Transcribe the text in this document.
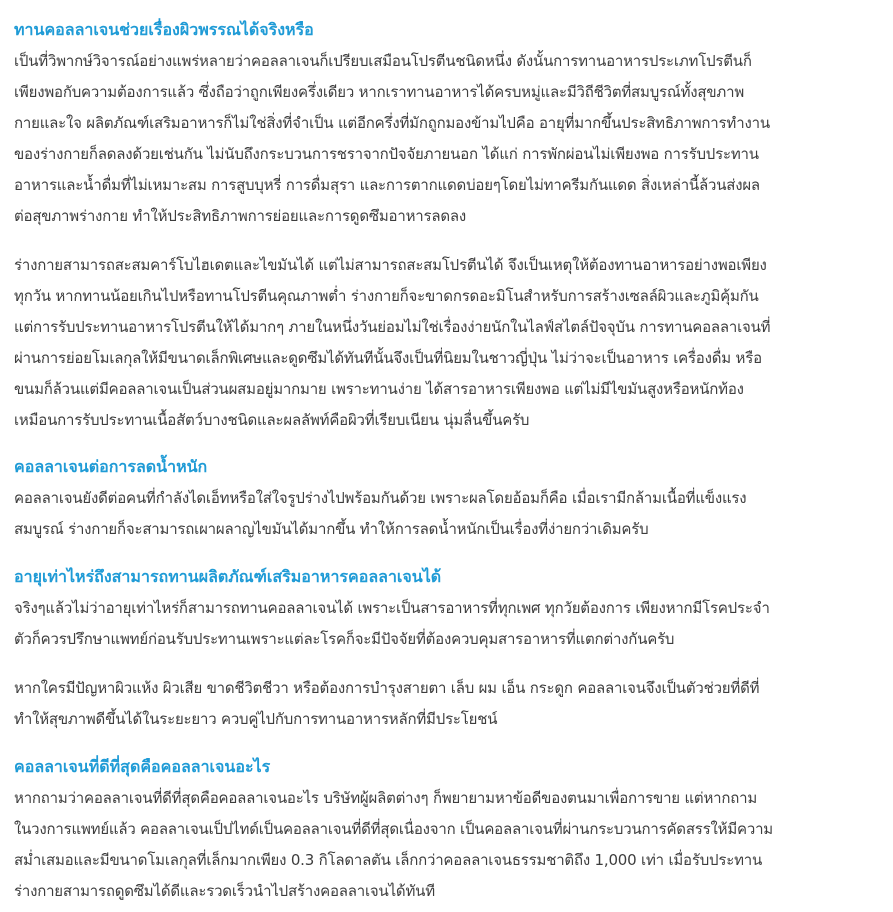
ทานคอลลาเจนช่วยเรื่องผิวพรรณได้จริงหรือ

เป็นที่วิพากษ์วิจารณ์อย่างแพร่หลายว่าคอลลาเจนก็เปรียบเสมือนโปรตีนชนิดหนึ่ง ดังนั้นการทานอาหารประเภทโปรตีนก็
เพียงพอกับความต้องการแล้ว ซึ่งถือว่าถูกเพียงครึ่งเดียว หากเราทานอาหารได้ครบหมู่และมีวิถีชีวิตที่สมบูรณ์ทั้งสุขภาพ
กายและใจ ผลิตภัณฑ์เสริมอาหารก็ไม่ใช่สิ่งที่จำเป็น แต่อีกครึ่งที่มักถูกมองข้ามไปคือ อายุที่มากขึ้นประสิทธิภาพการทำงาน
ของร่างกายก็ลดลงด้วยเช่นกัน ไม่นับถึงกระบวนการชราจากปัจจัยภายนอก ได้แก่ การพักผ่อนไม่เพียงพอ การรับประทาน
อาหารและน้ำดื่มที่ไม่เหมาะสม การสูบบุหรี่ การดื่มสุรา และการตากแดดบ่อยๆโดยไม่ทาครีมกันแดด สิ่งเหล่านี้ล้วนส่งผล
ต่อสุขภาพร่างกาย ทำให้ประสิทธิภาพการย่อยและการดูดซึมอาหารลดลง

ร่างกายสามารถสะสมคาร์โบไฮเดตและไขมันได้ แต่ไม่สามารถสะสมโปรตีนได้ จึงเป็นเหตุให้ต้องทานอาหารอย่างพอเพียง
ทุกวัน หากทานน้อยเกินไปหรือทานโปรตีนคุณภาพต่ำ ร่างกายก็จะขาดกรดอะมิโนสำหรับการสร้างเซลล์ผิวและภูมิคุ้มกัน
แต่การรับประทานอาหารโปรตีนให้ได้มากๆ ภายในหนึ่งวันย่อมไม่ใช่เรื่องง่ายนักในไลฟ์สไตล์ปัจจุบัน การทานคอลลาเจนที่
ผ่านการย่อยโมเลกุลให้มีขนาดเล็กพิเศษและดูดซึมได้ทันทีนั้นจึงเป็นที่นิยมในชาวญี่ปุ่น ไม่ว่าจะเป็นอาหาร เครื่องดื่ม หรือ
ขนมก็ล้วนแต่มีคอลลาเจนเป็นส่วนผสมอยู่มากมาย เพราะทานง่าย ได้สารอาหารเพียงพอ แต่ไม่มีไขมันสูงหรือหนักท้อง
เหมือนการรับประทานเนื้อสัตว์บางชนิดและผลลัพท์คือผิวที่เรียบเนียน นุ่มลื่นขึ้นครับ

คอลลาเจนต่อการลดน้ำหนัก

คอลลาเจนยังดีต่อคนที่กำลังไดเอ็ทหรือใส่ใจรูปร่างไปพร้อมกันด้วย เพราะผลโดยอ้อมก็คือ เมื่อเรามีกล้ามเนื้อที่แข็งแรง
สมบูรณ์ ร่างกายก็จะสามารถเผาผลาญไขมันได้มากขึ้น ทำให้การลดน้ำหนักเป็นเรื่องที่ง่ายกว่าเดิมครับ

อายุเท่าไหร่ถึงสามารถทานผลิตภัณฑ์เสริมอาหารคอลลาเจนได้

จริงๆแล้วไม่ว่าอายุเท่าไหร่ก็สามารถทานคอลลาเจนได้ เพราะเป็นสารอาหารที่ทุกเพศ ทุกวัยต้องการ เพียงหากมีโรคประจำ
ตัวก็ควรปรึกษาแพทย์ก่อนรับประทานเพราะแต่ละโรคก็จะมีปัจจัยที่ต้องควบคุมสารอาหารที่แตกต่างกันครับ

หากใครมีปัญหาผิวแห้ง ผิวเสีย ขาดชีวิตชีวา หรือต้องการบำรุงสายตา เล็บ ผม เอ็น กระดูก คอลลาเจนจึงเป็นตัวช่วยที่ดีที่
ทำให้สุขภาพดีขึ้นได้ในระยะยาว ควบคู่ไปกับการทานอาหารหลักที่มีประโยชน์

คอลลาเจนที่ดีที่สุดคือคอลลาเจนอะไร

หากถามว่าคอลลาเจนที่ดีที่สุดคือคอลลาเจนอะไร บริษัทผู้ผลิตต่างๆ ก็พยายามหาข้อดีของตนมาเพื่อการขาย แต่หากถาม
ในวงการแพทย์แล้ว คอลลาเจนเป็ปไทด์เป็นคอลลาเจนที่ดีที่สุดเนื่องจาก เป็นคอลลาเจนที่ผ่านกระบวนการคัดสรรให้มีความ
สม่ำเสมอและมีขนาดโมเลกุลที่เล็กมากเพียง 0.3 กิโลดาลตัน เล็กกว่าคอลลาเจนธรรมชาติถึง 1,000 เท่า เมื่อรับประทาน
ร่างกายสามารถดูดซึมได้ดีและรวดเร็วนำไปสร้างคอลลาเจนได้ทันที
